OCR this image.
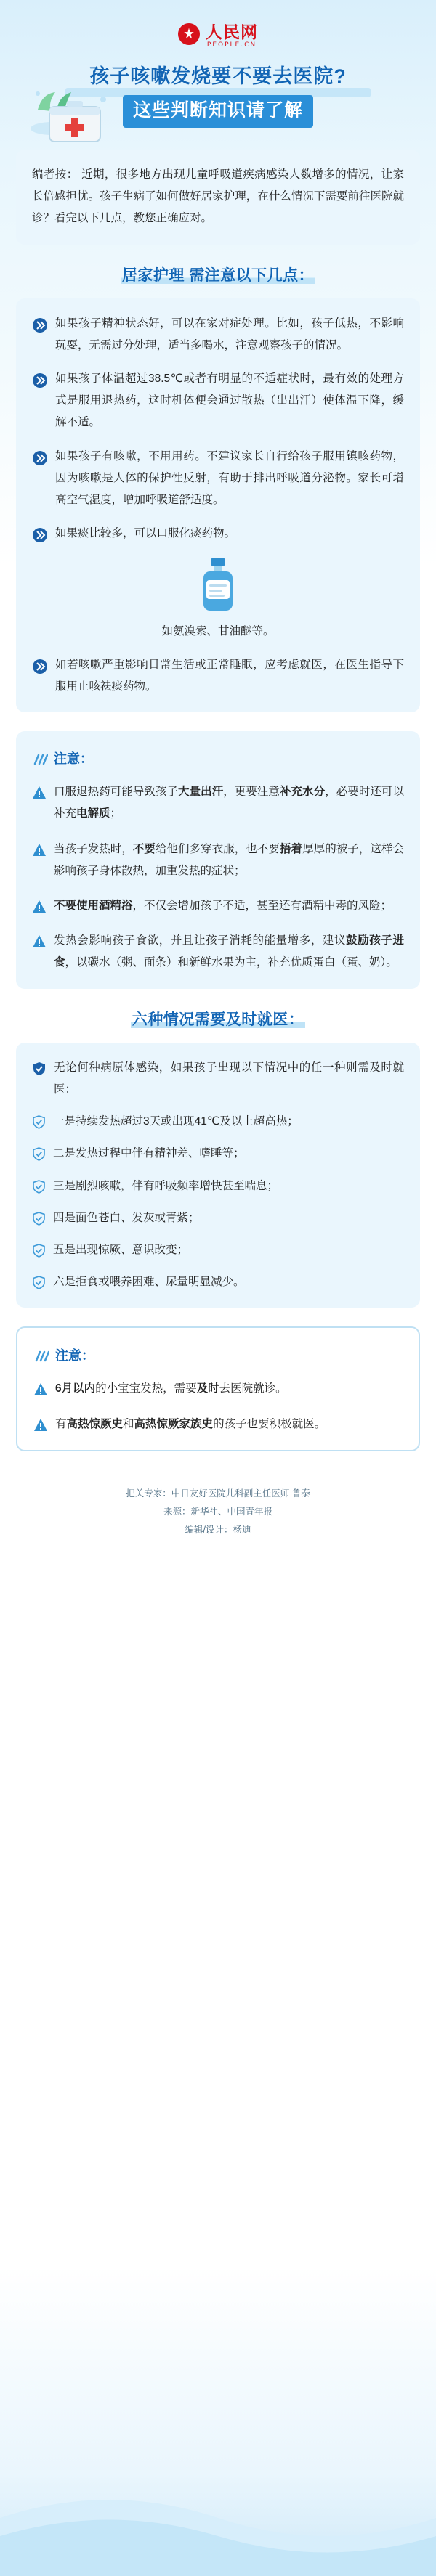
人民网
PEOPLE.CN
孩子咳嗽发烧要不要去医院?
这些判断知识请了解
编者按： 近期，很多地方出现儿童呼吸道疾病感染人数增多的情况，让家长倍感担忧。孩子生病了如何做好居家护理，在什么情况下需要前往医院就诊？看完以下几点，教您正确应对。
居家护理 需注意以下几点：
如果孩子精神状态好，可以在家对症处理。比如，孩子低热，不影响玩耍，无需过分处理，适当多喝水，注意观察孩子的情况。
如果孩子体温超过38.5℃或者有明显的不适症状时，最有效的处理方式是服用退热药，这时机体便会通过散热（出出汗）使体温下降，缓解不适。
如果孩子有咳嗽，不用用药。不建议家长自行给孩子服用镇咳药物，因为咳嗽是人体的保护性反射，有助于排出呼吸道分泌物。家长可增高空气湿度，增加呼吸道舒适度。
如果痰比较多，可以口服化痰药物。
如氨溴索、甘油醚等。
如若咳嗽严重影响日常生活或正常睡眠，应考虑就医，在医生指导下服用止咳祛痰药物。
注意：
口服退热药可能导致孩子大量出汗，更要注意补充水分，必要时还可以补充电解质；
当孩子发热时，不要给他们多穿衣服，也不要捂着厚厚的被子，这样会影响孩子身体散热，加重发热的症状；
不要使用酒精浴，不仅会增加孩子不适，甚至还有酒精中毒的风险；
发热会影响孩子食欲，并且让孩子消耗的能量增多，建议鼓励孩子进食，以碳水（粥、面条）和新鲜水果为主，补充优质蛋白（蛋、奶）。
六种情况需要及时就医：
无论何种病原体感染，如果孩子出现以下情况中的任一种则需及时就医：
一是持续发热超过3天或出现41℃及以上超高热；
二是发热过程中伴有精神差、嗜睡等；
三是剧烈咳嗽，伴有呼吸频率增快甚至喘息；
四是面色苍白、发灰或青紫；
五是出现惊厥、意识改变；
六是拒食或喂养困难、尿量明显减少。
注意：
6月以内的小宝宝发热，需要及时去医院就诊。
有高热惊厥史和高热惊厥家族史的孩子也要积极就医。
把关专家：中日友好医院儿科副主任医师 鲁泰
来源：新华社、中国青年报
编辑/设计：杨迪
